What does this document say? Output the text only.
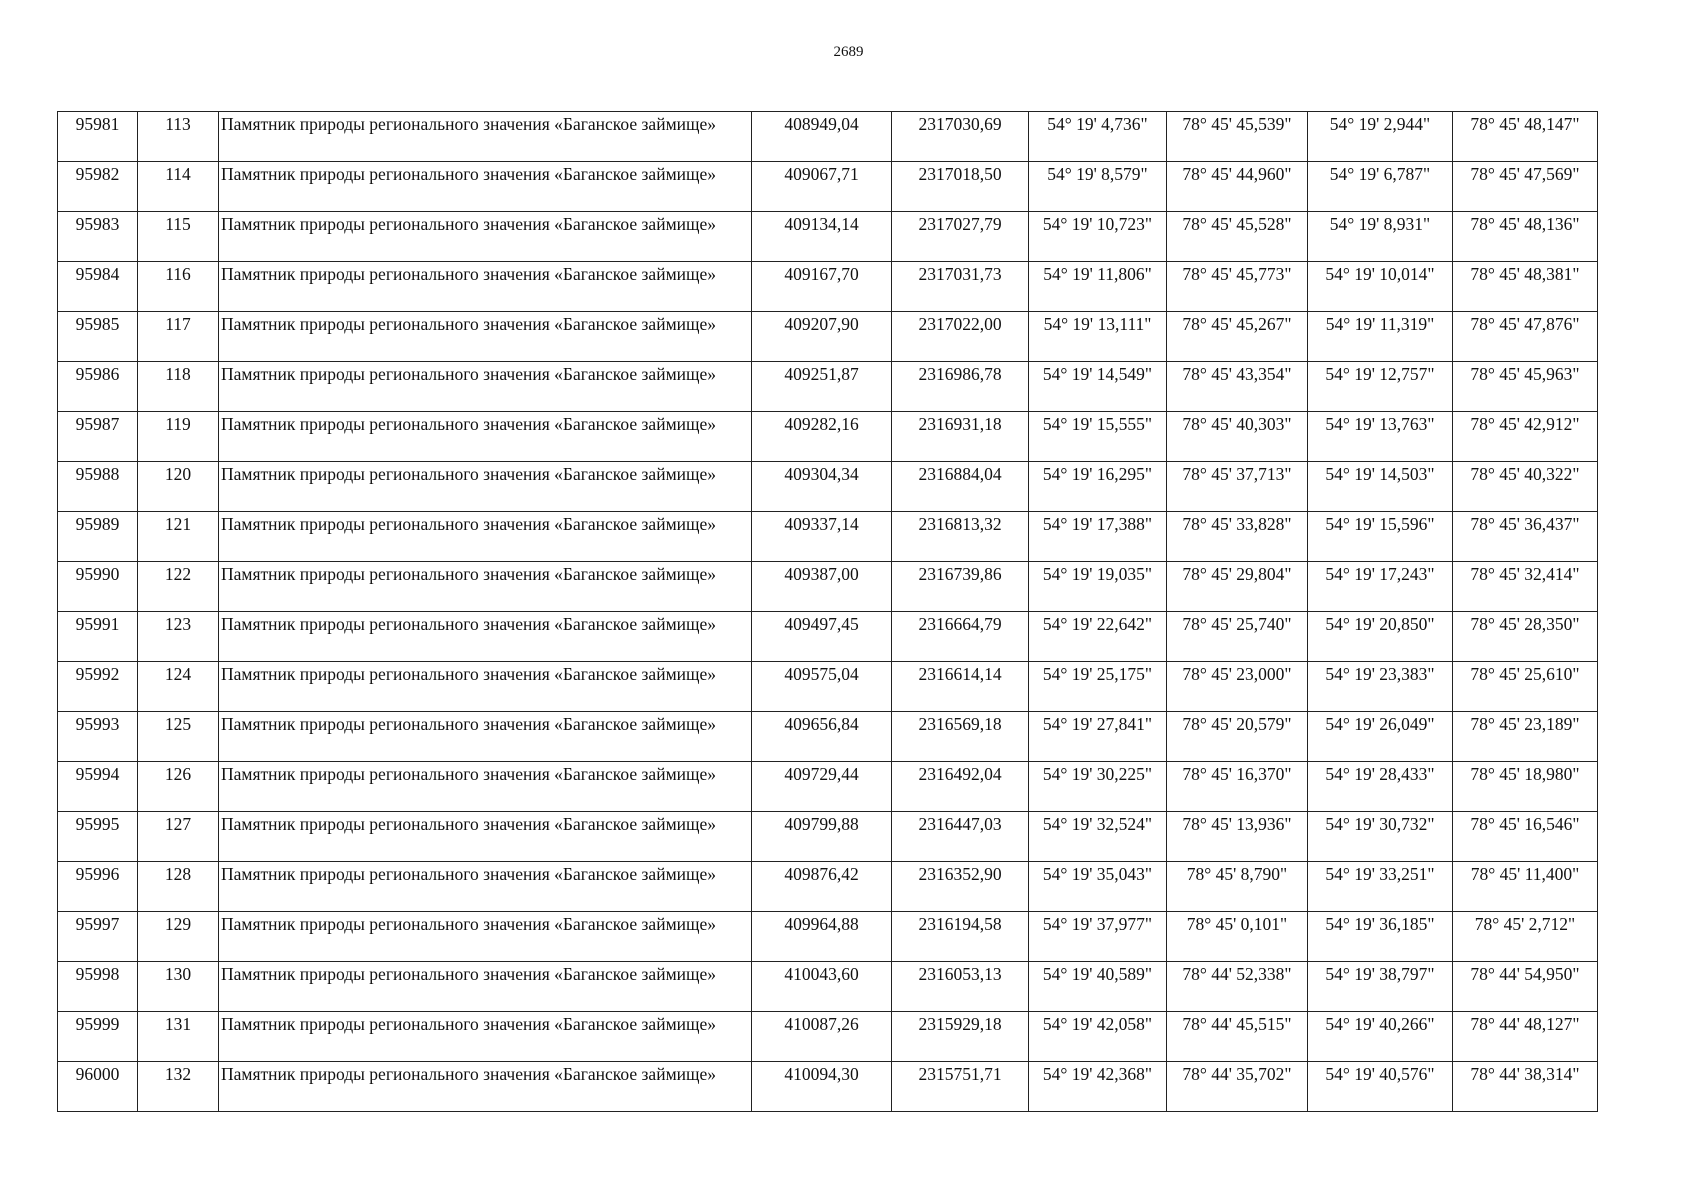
2689
95981	113	Памятник природы регионального значения «Баганское займище»	408949,04	2317030,69	54° 19' 4,736"	78° 45' 45,539"	54° 19' 2,944"	78° 45' 48,147"
95982	114	Памятник природы регионального значения «Баганское займище»	409067,71	2317018,50	54° 19' 8,579"	78° 45' 44,960"	54° 19' 6,787"	78° 45' 47,569"
95983	115	Памятник природы регионального значения «Баганское займище»	409134,14	2317027,79	54° 19' 10,723"	78° 45' 45,528"	54° 19' 8,931"	78° 45' 48,136"
95984	116	Памятник природы регионального значения «Баганское займище»	409167,70	2317031,73	54° 19' 11,806"	78° 45' 45,773"	54° 19' 10,014"	78° 45' 48,381"
95985	117	Памятник природы регионального значения «Баганское займище»	409207,90	2317022,00	54° 19' 13,111"	78° 45' 45,267"	54° 19' 11,319"	78° 45' 47,876"
95986	118	Памятник природы регионального значения «Баганское займище»	409251,87	2316986,78	54° 19' 14,549"	78° 45' 43,354"	54° 19' 12,757"	78° 45' 45,963"
95987	119	Памятник природы регионального значения «Баганское займище»	409282,16	2316931,18	54° 19' 15,555"	78° 45' 40,303"	54° 19' 13,763"	78° 45' 42,912"
95988	120	Памятник природы регионального значения «Баганское займище»	409304,34	2316884,04	54° 19' 16,295"	78° 45' 37,713"	54° 19' 14,503"	78° 45' 40,322"
95989	121	Памятник природы регионального значения «Баганское займище»	409337,14	2316813,32	54° 19' 17,388"	78° 45' 33,828"	54° 19' 15,596"	78° 45' 36,437"
95990	122	Памятник природы регионального значения «Баганское займище»	409387,00	2316739,86	54° 19' 19,035"	78° 45' 29,804"	54° 19' 17,243"	78° 45' 32,414"
95991	123	Памятник природы регионального значения «Баганское займище»	409497,45	2316664,79	54° 19' 22,642"	78° 45' 25,740"	54° 19' 20,850"	78° 45' 28,350"
95992	124	Памятник природы регионального значения «Баганское займище»	409575,04	2316614,14	54° 19' 25,175"	78° 45' 23,000"	54° 19' 23,383"	78° 45' 25,610"
95993	125	Памятник природы регионального значения «Баганское займище»	409656,84	2316569,18	54° 19' 27,841"	78° 45' 20,579"	54° 19' 26,049"	78° 45' 23,189"
95994	126	Памятник природы регионального значения «Баганское займище»	409729,44	2316492,04	54° 19' 30,225"	78° 45' 16,370"	54° 19' 28,433"	78° 45' 18,980"
95995	127	Памятник природы регионального значения «Баганское займище»	409799,88	2316447,03	54° 19' 32,524"	78° 45' 13,936"	54° 19' 30,732"	78° 45' 16,546"
95996	128	Памятник природы регионального значения «Баганское займище»	409876,42	2316352,90	54° 19' 35,043"	78° 45' 8,790"	54° 19' 33,251"	78° 45' 11,400"
95997	129	Памятник природы регионального значения «Баганское займище»	409964,88	2316194,58	54° 19' 37,977"	78° 45' 0,101"	54° 19' 36,185"	78° 45' 2,712"
95998	130	Памятник природы регионального значения «Баганское займище»	410043,60	2316053,13	54° 19' 40,589"	78° 44' 52,338"	54° 19' 38,797"	78° 44' 54,950"
95999	131	Памятник природы регионального значения «Баганское займище»	410087,26	2315929,18	54° 19' 42,058"	78° 44' 45,515"	54° 19' 40,266"	78° 44' 48,127"
96000	132	Памятник природы регионального значения «Баганское займище»	410094,30	2315751,71	54° 19' 42,368"	78° 44' 35,702"	54° 19' 40,576"	78° 44' 38,314"
